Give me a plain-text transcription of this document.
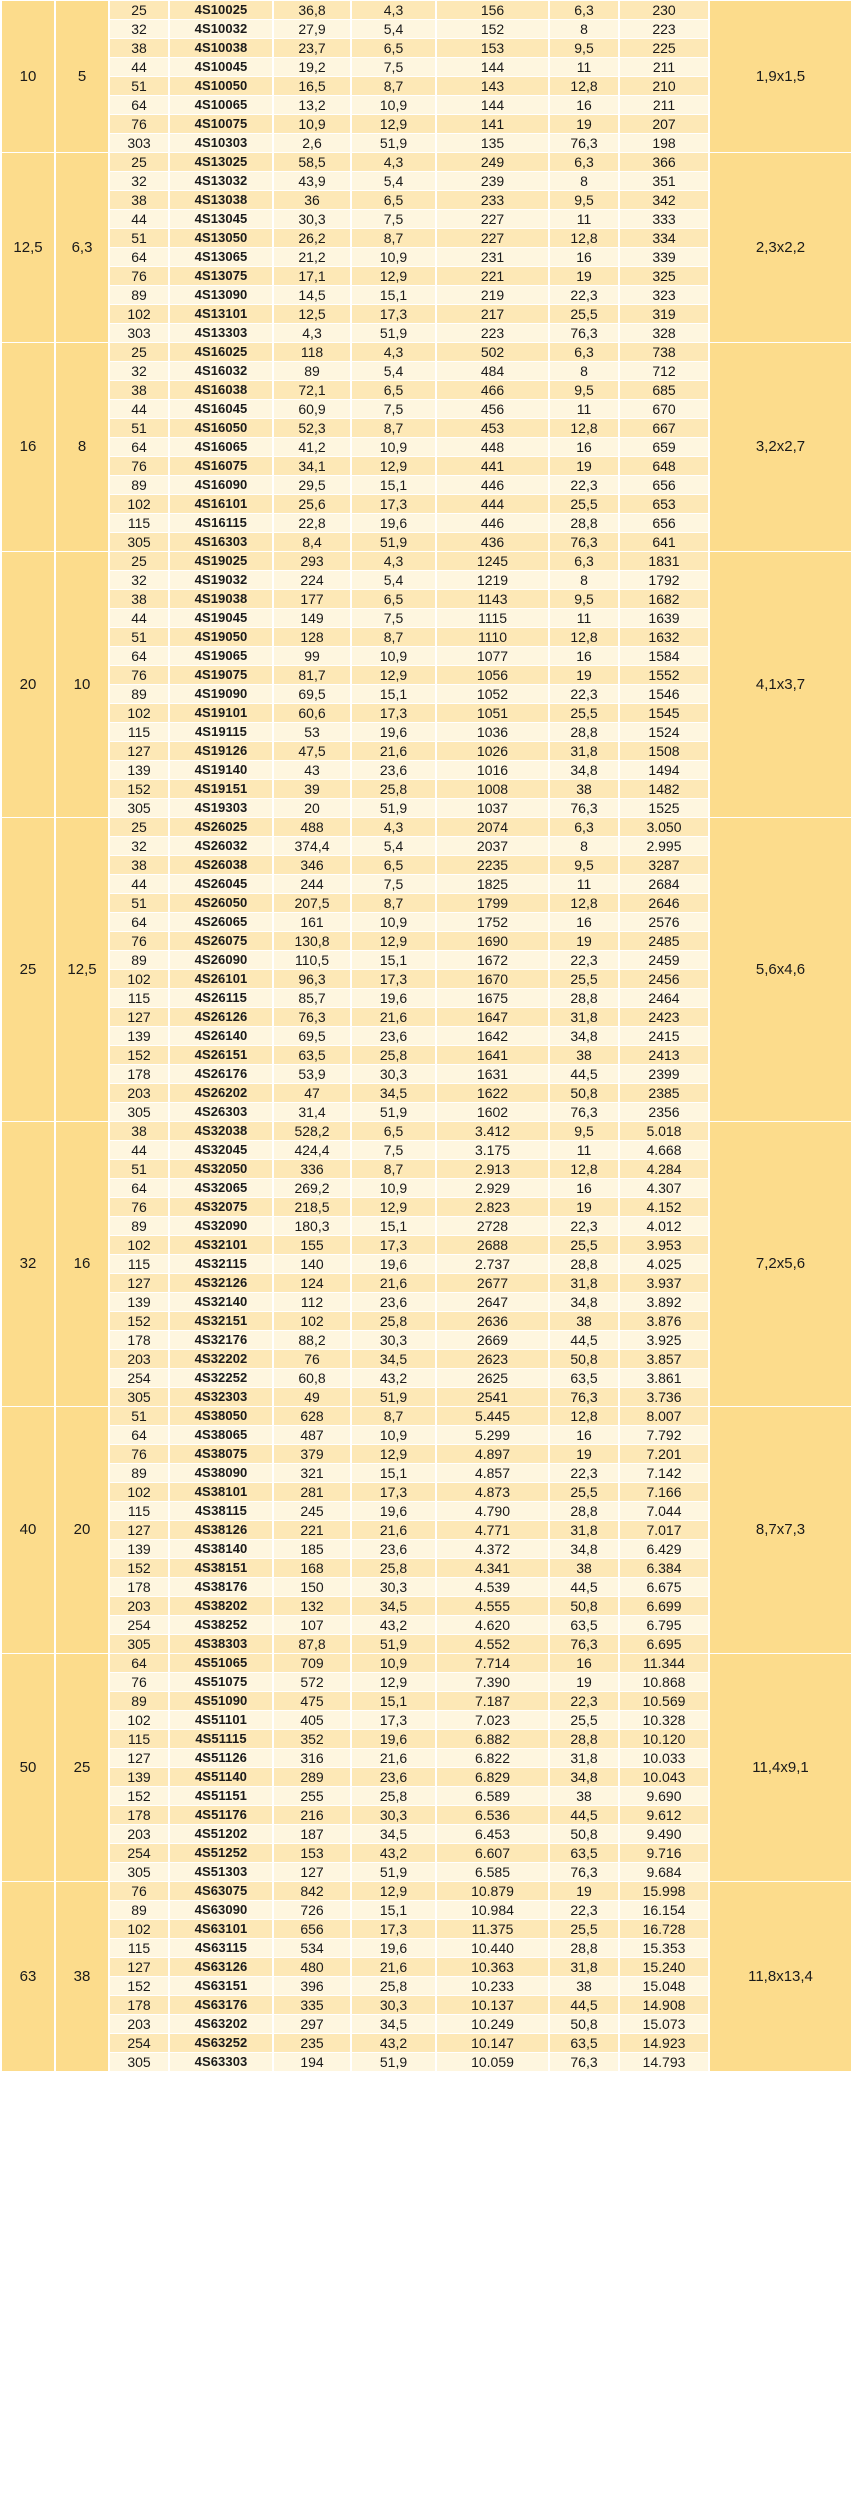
10	5	25	4S10025	36,8	4,3	156	6,3	230	1,9x1,5
		32	4S10032	27,9	5,4	152	8	223	
		38	4S10038	23,7	6,5	153	9,5	225	
		44	4S10045	19,2	7,5	144	11	211	
		51	4S10050	16,5	8,7	143	12,8	210	
		64	4S10065	13,2	10,9	144	16	211	
		76	4S10075	10,9	12,9	141	19	207	
		303	4S10303	2,6	51,9	135	76,3	198	
12,5	6,3	25	4S13025	58,5	4,3	249	6,3	366	2,3x2,2
		32	4S13032	43,9	5,4	239	8	351	
		38	4S13038	36	6,5	233	9,5	342	
		44	4S13045	30,3	7,5	227	11	333	
		51	4S13050	26,2	8,7	227	12,8	334	
		64	4S13065	21,2	10,9	231	16	339	
		76	4S13075	17,1	12,9	221	19	325	
		89	4S13090	14,5	15,1	219	22,3	323	
		102	4S13101	12,5	17,3	217	25,5	319	
		303	4S13303	4,3	51,9	223	76,3	328	
16	8	25	4S16025	118	4,3	502	6,3	738	3,2x2,7
		32	4S16032	89	5,4	484	8	712	
		38	4S16038	72,1	6,5	466	9,5	685	
		44	4S16045	60,9	7,5	456	11	670	
		51	4S16050	52,3	8,7	453	12,8	667	
		64	4S16065	41,2	10,9	448	16	659	
		76	4S16075	34,1	12,9	441	19	648	
		89	4S16090	29,5	15,1	446	22,3	656	
		102	4S16101	25,6	17,3	444	25,5	653	
		115	4S16115	22,8	19,6	446	28,8	656	
		305	4S16303	8,4	51,9	436	76,3	641	
20	10	25	4S19025	293	4,3	1245	6,3	1831	4,1x3,7
		32	4S19032	224	5,4	1219	8	1792	
		38	4S19038	177	6,5	1143	9,5	1682	
		44	4S19045	149	7,5	1115	11	1639	
		51	4S19050	128	8,7	1110	12,8	1632	
		64	4S19065	99	10,9	1077	16	1584	
		76	4S19075	81,7	12,9	1056	19	1552	
		89	4S19090	69,5	15,1	1052	22,3	1546	
		102	4S19101	60,6	17,3	1051	25,5	1545	
		115	4S19115	53	19,6	1036	28,8	1524	
		127	4S19126	47,5	21,6	1026	31,8	1508	
		139	4S19140	43	23,6	1016	34,8	1494	
		152	4S19151	39	25,8	1008	38	1482	
		305	4S19303	20	51,9	1037	76,3	1525	
25	12,5	25	4S26025	488	4,3	2074	6,3	3.050	5,6x4,6
		32	4S26032	374,4	5,4	2037	8	2.995	
		38	4S26038	346	6,5	2235	9,5	3287	
		44	4S26045	244	7,5	1825	11	2684	
		51	4S26050	207,5	8,7	1799	12,8	2646	
		64	4S26065	161	10,9	1752	16	2576	
		76	4S26075	130,8	12,9	1690	19	2485	
		89	4S26090	110,5	15,1	1672	22,3	2459	
		102	4S26101	96,3	17,3	1670	25,5	2456	
		115	4S26115	85,7	19,6	1675	28,8	2464	
		127	4S26126	76,3	21,6	1647	31,8	2423	
		139	4S26140	69,5	23,6	1642	34,8	2415	
		152	4S26151	63,5	25,8	1641	38	2413	
		178	4S26176	53,9	30,3	1631	44,5	2399	
		203	4S26202	47	34,5	1622	50,8	2385	
		305	4S26303	31,4	51,9	1602	76,3	2356	
32	16	38	4S32038	528,2	6,5	3.412	9,5	5.018	7,2x5,6
		44	4S32045	424,4	7,5	3.175	11	4.668	
		51	4S32050	336	8,7	2.913	12,8	4.284	
		64	4S32065	269,2	10,9	2.929	16	4.307	
		76	4S32075	218,5	12,9	2.823	19	4.152	
		89	4S32090	180,3	15,1	2728	22,3	4.012	
		102	4S32101	155	17,3	2688	25,5	3.953	
		115	4S32115	140	19,6	2.737	28,8	4.025	
		127	4S32126	124	21,6	2677	31,8	3.937	
		139	4S32140	112	23,6	2647	34,8	3.892	
		152	4S32151	102	25,8	2636	38	3.876	
		178	4S32176	88,2	30,3	2669	44,5	3.925	
		203	4S32202	76	34,5	2623	50,8	3.857	
		254	4S32252	60,8	43,2	2625	63,5	3.861	
		305	4S32303	49	51,9	2541	76,3	3.736	
40	20	51	4S38050	628	8,7	5.445	12,8	8.007	8,7x7,3
		64	4S38065	487	10,9	5.299	16	7.792	
		76	4S38075	379	12,9	4.897	19	7.201	
		89	4S38090	321	15,1	4.857	22,3	7.142	
		102	4S38101	281	17,3	4.873	25,5	7.166	
		115	4S38115	245	19,6	4.790	28,8	7.044	
		127	4S38126	221	21,6	4.771	31,8	7.017	
		139	4S38140	185	23,6	4.372	34,8	6.429	
		152	4S38151	168	25,8	4.341	38	6.384	
		178	4S38176	150	30,3	4.539	44,5	6.675	
		203	4S38202	132	34,5	4.555	50,8	6.699	
		254	4S38252	107	43,2	4.620	63,5	6.795	
		305	4S38303	87,8	51,9	4.552	76,3	6.695	
50	25	64	4S51065	709	10,9	7.714	16	11.344	11,4x9,1
		76	4S51075	572	12,9	7.390	19	10.868	
		89	4S51090	475	15,1	7.187	22,3	10.569	
		102	4S51101	405	17,3	7.023	25,5	10.328	
		115	4S51115	352	19,6	6.882	28,8	10.120	
		127	4S51126	316	21,6	6.822	31,8	10.033	
		139	4S51140	289	23,6	6.829	34,8	10.043	
		152	4S51151	255	25,8	6.589	38	9.690	
		178	4S51176	216	30,3	6.536	44,5	9.612	
		203	4S51202	187	34,5	6.453	50,8	9.490	
		254	4S51252	153	43,2	6.607	63,5	9.716	
		305	4S51303	127	51,9	6.585	76,3	9.684	
63	38	76	4S63075	842	12,9	10.879	19	15.998	11,8x13,4
		89	4S63090	726	15,1	10.984	22,3	16.154	
		102	4S63101	656	17,3	11.375	25,5	16.728	
		115	4S63115	534	19,6	10.440	28,8	15.353	
		127	4S63126	480	21,6	10.363	31,8	15.240	
		152	4S63151	396	25,8	10.233	38	15.048	
		178	4S63176	335	30,3	10.137	44,5	14.908	
		203	4S63202	297	34,5	10.249	50,8	15.073	
		254	4S63252	235	43,2	10.147	63,5	14.923	
		305	4S63303	194	51,9	10.059	76,3	14.793	
